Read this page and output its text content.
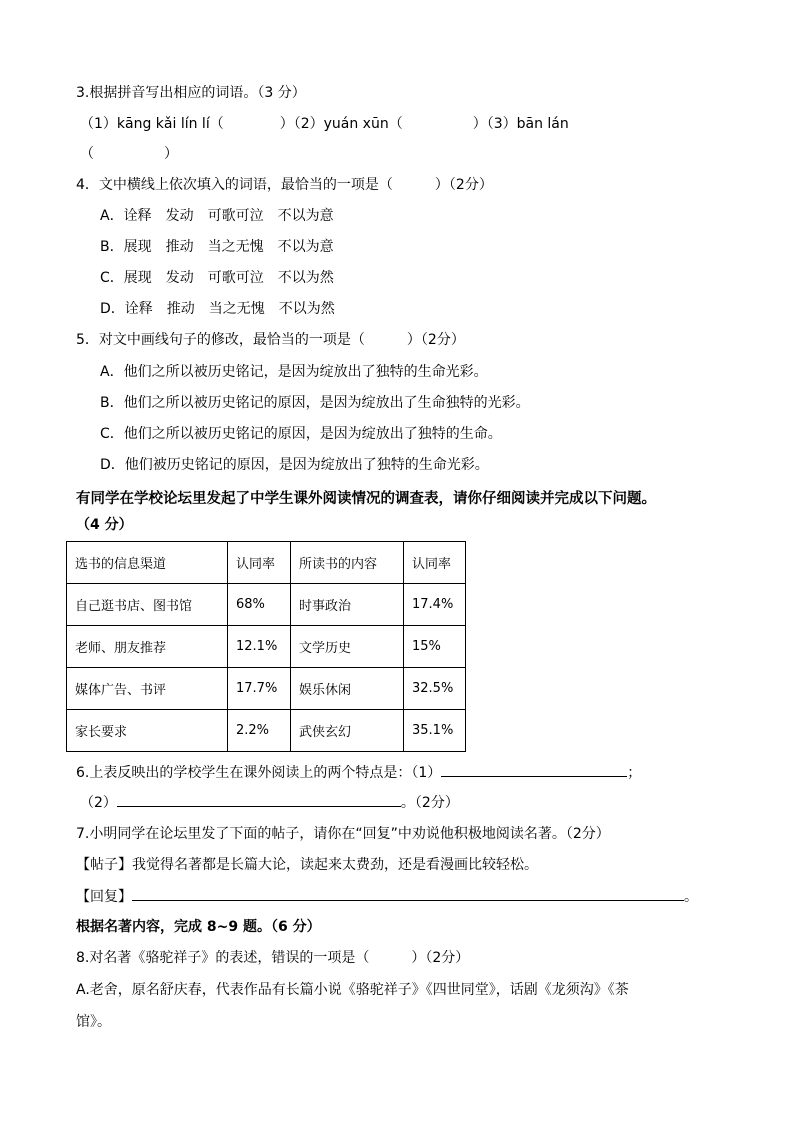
3.根据拼音写出相应的词语。（3 分）
（1）kāng kǎi lín lí（　　　　）（2）yuán xūn（　　　　　）（3）bān lán
（　　　　　）
4．文中横线上依次填入的词语，最恰当的一项是（　　　）（2分）
A．诠释　发动　可歌可泣　不以为意
B．展现　推动　当之无愧　不以为意
C．展现　发动　可歌可泣　不以为然
D．诠释　推动　当之无愧　不以为然
5．对文中画线句子的修改，最恰当的一项是（　　　）（2分）
A．他们之所以被历史铭记，是因为绽放出了独特的生命光彩。
B．他们之所以被历史铭记的原因，是因为绽放出了生命独特的光彩。
C．他们之所以被历史铭记的原因，是因为绽放出了独特的生命。
D．他们被历史铭记的原因，是因为绽放出了独特的生命光彩。
有同学在学校论坛里发起了中学生课外阅读情况的调查表，请你仔细阅读并完成以下问题。
（4 分）
选书的信息渠道	认同率	所读书的内容	认同率
自己逛书店、图书馆	68%	时事政治	17.4%
老师、朋友推荐	12.1%	文学历史	15%
媒体广告、书评	17.7%	娱乐休闲	32.5%
家长要求	2.2%	武侠玄幻	35.1%
6.上表反映出的学校学生在课外阅读上的两个特点是：（1）	；
（2）	。（2分）
7.小明同学在论坛里发了下面的帖子，请你在“回复”中劝说他积极地阅读名著。（2分）
【帖子】我觉得名著都是长篇大论，读起来太费劲，还是看漫画比较轻松。
【回复】	。
根据名著内容，完成 8~9 题。（6 分）
8.对名著《骆驼祥子》的表述，错误的一项是（　　　）（2分）
A.老舍，原名舒庆春，代表作品有长篇小说《骆驼祥子》《四世同堂》，话剧《龙须沟》《茶
馆》。
